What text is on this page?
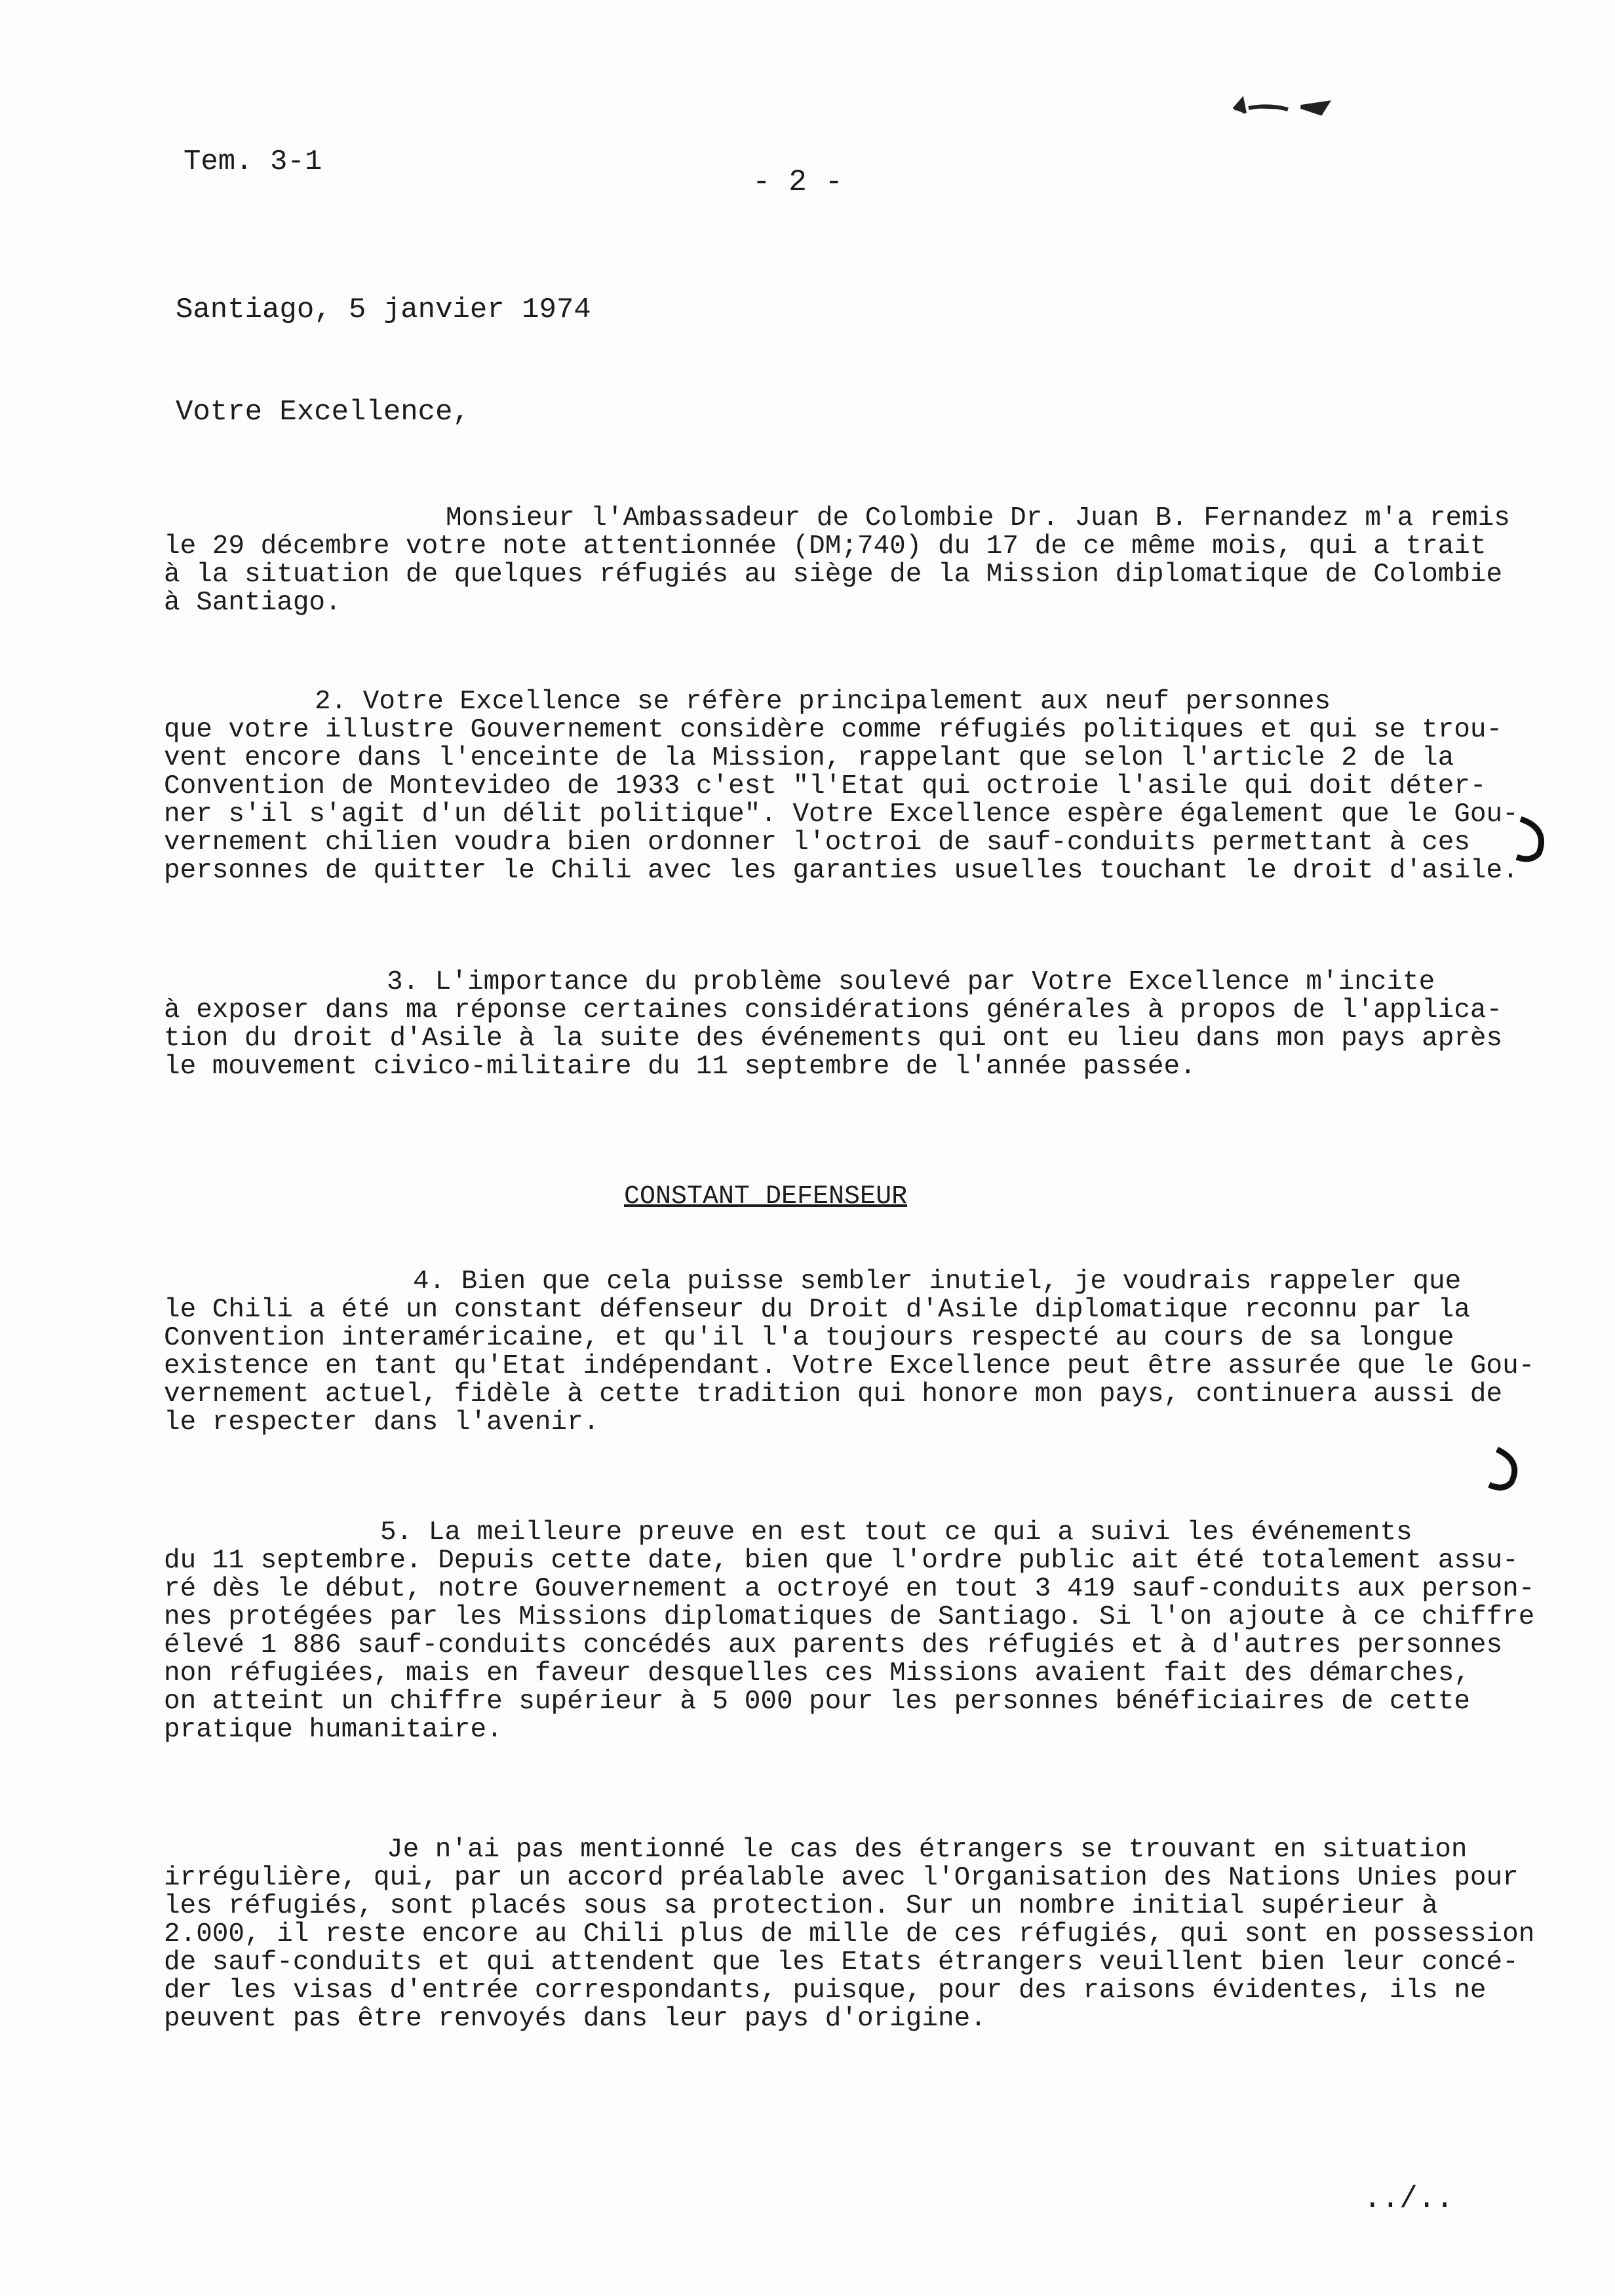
Tem. 3-1
- 2 -
Santiago, 5 janvier 1974
Votre Excellence,
Monsieur l'Ambassadeur de Colombie Dr. Juan B. Fernandez m'a remis
le 29 décembre votre note attentionnée (DM;740) du 17 de ce même mois, qui a trait
à la situation de quelques réfugiés au siège de la Mission diplomatique de Colombie
à Santiago.
2. Votre Excellence se réfère principalement aux neuf personnes
que votre illustre Gouvernement considère comme réfugiés politiques et qui se trou-
vent encore dans l'enceinte de la Mission, rappelant que selon l'article 2 de la
Convention de Montevideo de 1933 c'est "l'Etat qui octroie l'asile qui doit déter-
ner s'il s'agit d'un délit politique". Votre Excellence espère également que le Gou-
vernement chilien voudra bien ordonner l'octroi de sauf-conduits permettant à ces
personnes de quitter le Chili avec les garanties usuelles touchant le droit d'asile.
3. L'importance du problème soulevé par Votre Excellence m'incite
à exposer dans ma réponse certaines considérations générales à propos de l'applica-
tion du droit d'Asile à la suite des événements qui ont eu lieu dans mon pays après
le mouvement civico-militaire du 11 septembre de l'année passée.
CONSTANT DEFENSEUR
4. Bien que cela puisse sembler inutiel, je voudrais rappeler que
le Chili a été un constant défenseur du Droit d'Asile diplomatique reconnu par la
Convention interaméricaine, et qu'il l'a toujours respecté au cours de sa longue
existence en tant qu'Etat indépendant. Votre Excellence peut être assurée que le Gou-
vernement actuel, fidèle à cette tradition qui honore mon pays, continuera aussi de
le respecter dans l'avenir.
5. La meilleure preuve en est tout ce qui a suivi les événements
du 11 septembre. Depuis cette date, bien que l'ordre public ait été totalement assu-
ré dès le début, notre Gouvernement a octroyé en tout 3 419 sauf-conduits aux person-
nes protégées par les Missions diplomatiques de Santiago. Si l'on ajoute à ce chiffre
élevé 1 886 sauf-conduits concédés aux parents des réfugiés et à d'autres personnes
non réfugiées, mais en faveur desquelles ces Missions avaient fait des démarches,
on atteint un chiffre supérieur à 5 000 pour les personnes bénéficiaires de cette
pratique humanitaire.
Je n'ai pas mentionné le cas des étrangers se trouvant en situation
irrégulière, qui, par un accord préalable avec l'Organisation des Nations Unies pour
les réfugiés, sont placés sous sa protection. Sur un nombre initial supérieur à
2.000, il reste encore au Chili plus de mille de ces réfugiés, qui sont en possession
de sauf-conduits et qui attendent que les Etats étrangers veuillent bien leur concé-
der les visas d'entrée correspondants, puisque, pour des raisons évidentes, ils ne
peuvent pas être renvoyés dans leur pays d'origine.
../..
